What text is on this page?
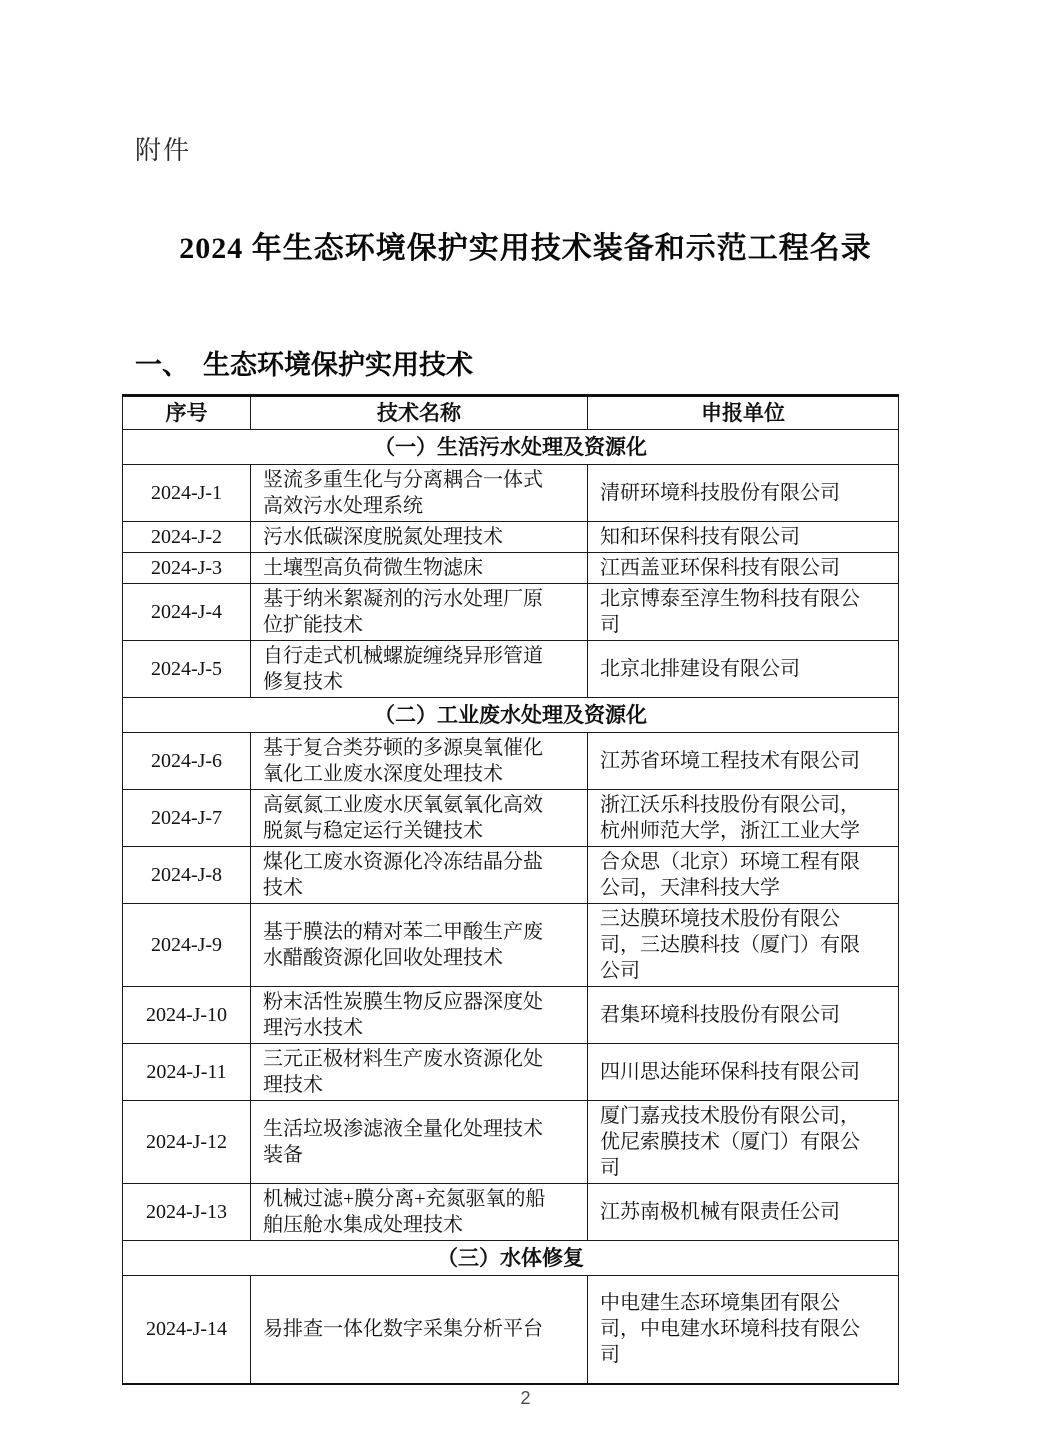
附件
2024 年生态环境保护实用技术装备和示范工程名录
一、 生态环境保护实用技术
序号	技术名称	申报单位
（一）生活污水处理及资源化		
2024-J-1	竖流多重生化与分离耦合一体式高效污水处理系统	清研环境科技股份有限公司
2024-J-2	污水低碳深度脱氮处理技术	知和环保科技有限公司
2024-J-3	土壤型高负荷微生物滤床	江西盖亚环保科技有限公司
2024-J-4	基于纳米絮凝剂的污水处理厂原位扩能技术	北京博泰至淳生物科技有限公司
2024-J-5	自行走式机械螺旋缠绕异形管道修复技术	北京北排建设有限公司
（二）工业废水处理及资源化		
2024-J-6	基于复合类芬顿的多源臭氧催化氧化工业废水深度处理技术	江苏省环境工程技术有限公司
2024-J-7	高氨氮工业废水厌氧氨氧化高效脱氮与稳定运行关键技术	浙江沃乐科技股份有限公司，杭州师范大学，浙江工业大学
2024-J-8	煤化工废水资源化冷冻结晶分盐技术	合众思（北京）环境工程有限公司，天津科技大学
2024-J-9	基于膜法的精对苯二甲酸生产废水醋酸资源化回收处理技术	三达膜环境技术股份有限公司，三达膜科技（厦门）有限公司
2024-J-10	粉末活性炭膜生物反应器深度处理污水技术	君集环境科技股份有限公司
2024-J-11	三元正极材料生产废水资源化处理技术	四川思达能环保科技有限公司
2024-J-12	生活垃圾渗滤液全量化处理技术装备	厦门嘉戎技术股份有限公司，优尼索膜技术（厦门）有限公司
2024-J-13	机械过滤+膜分离+充氮驱氧的船舶压舱水集成处理技术	江苏南极机械有限责任公司
（三）水体修复		
2024-J-14	易排查一体化数字采集分析平台	中电建生态环境集团有限公司，中电建水环境科技有限公司
2
